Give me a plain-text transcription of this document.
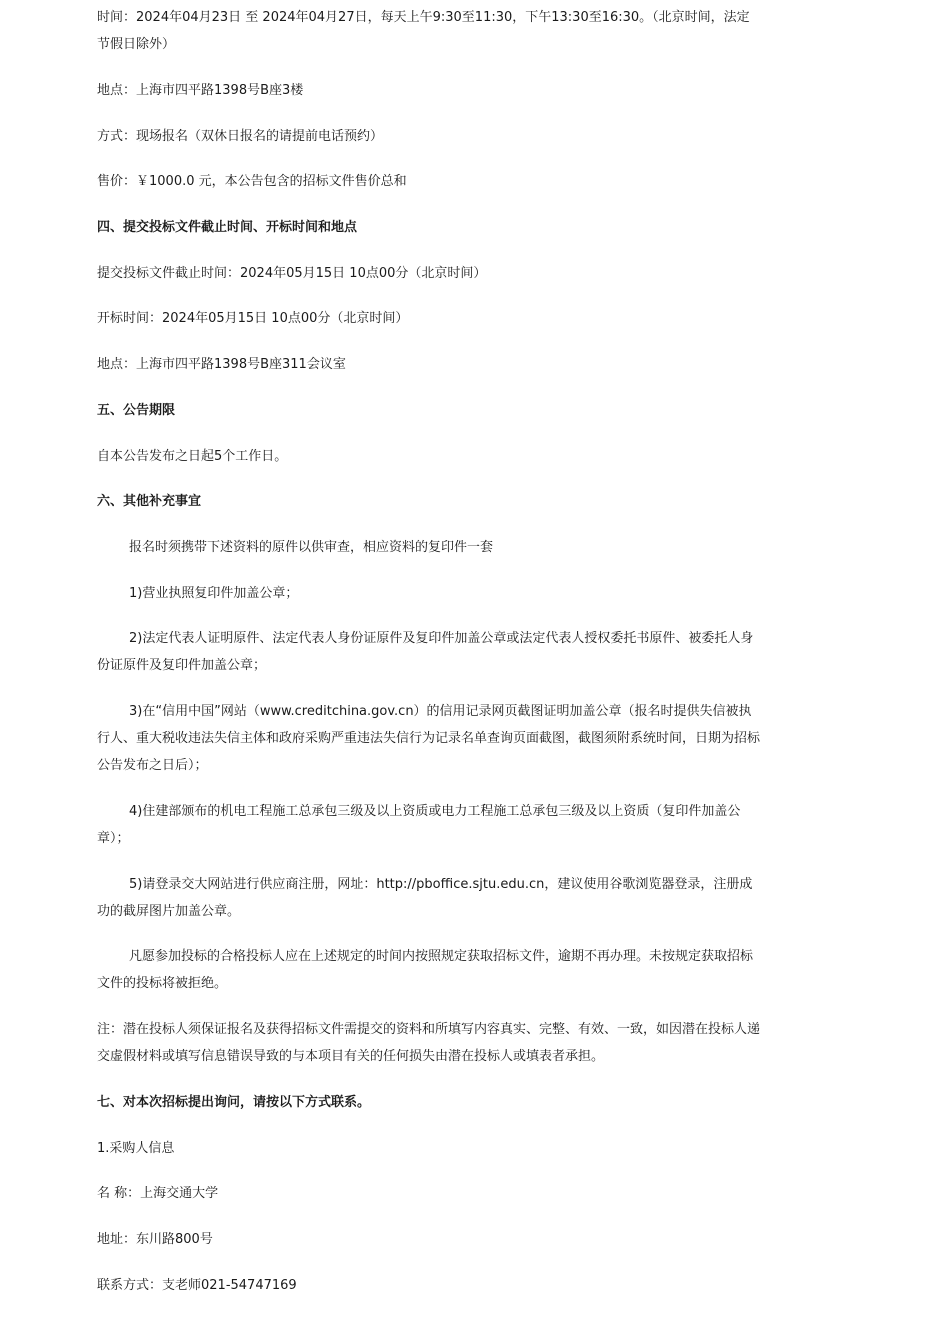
时间：2024年04月23日 至 2024年04月27日，每天上午9:30至11:30，下午13:30至16:30。（北京时间，法定节假日除外）

地点：上海市四平路1398号B座3楼

方式：现场报名（双休日报名的请提前电话预约）

售价：￥1000.0 元，本公告包含的招标文件售价总和

四、提交投标文件截止时间、开标时间和地点

提交投标文件截止时间：2024年05月15日 10点00分（北京时间）

开标时间：2024年05月15日 10点00分（北京时间）

地点：上海市四平路1398号B座311会议室

五、公告期限

自本公告发布之日起5个工作日。

六、其他补充事宜

报名时须携带下述资料的原件以供审查，相应资料的复印件一套

1)营业执照复印件加盖公章；

2)法定代表人证明原件、法定代表人身份证原件及复印件加盖公章或法定代表人授权委托书原件、被委托人身份证原件及复印件加盖公章；

3)在“信用中国”网站（www.creditchina.gov.cn）的信用记录网页截图证明加盖公章（报名时提供失信被执行人、重大税收违法失信主体和政府采购严重违法失信行为记录名单查询页面截图，截图须附系统时间，日期为招标公告发布之日后）；

4)住建部颁布的机电工程施工总承包三级及以上资质或电力工程施工总承包三级及以上资质（复印件加盖公章）；

5)请登录交大网站进行供应商注册，网址：http://pboffice.sjtu.edu.cn，建议使用谷歌浏览器登录，注册成功的截屏图片加盖公章。

凡愿参加投标的合格投标人应在上述规定的时间内按照规定获取招标文件，逾期不再办理。未按规定获取招标文件的投标将被拒绝。

注：潜在投标人须保证报名及获得招标文件需提交的资料和所填写内容真实、完整、有效、一致，如因潜在投标人递交虚假材料或填写信息错误导致的与本项目有关的任何损失由潜在投标人或填表者承担。

七、对本次招标提出询问，请按以下方式联系。

1.采购人信息

名 称：上海交通大学

地址：东川路800号

联系方式：支老师021-54747169
